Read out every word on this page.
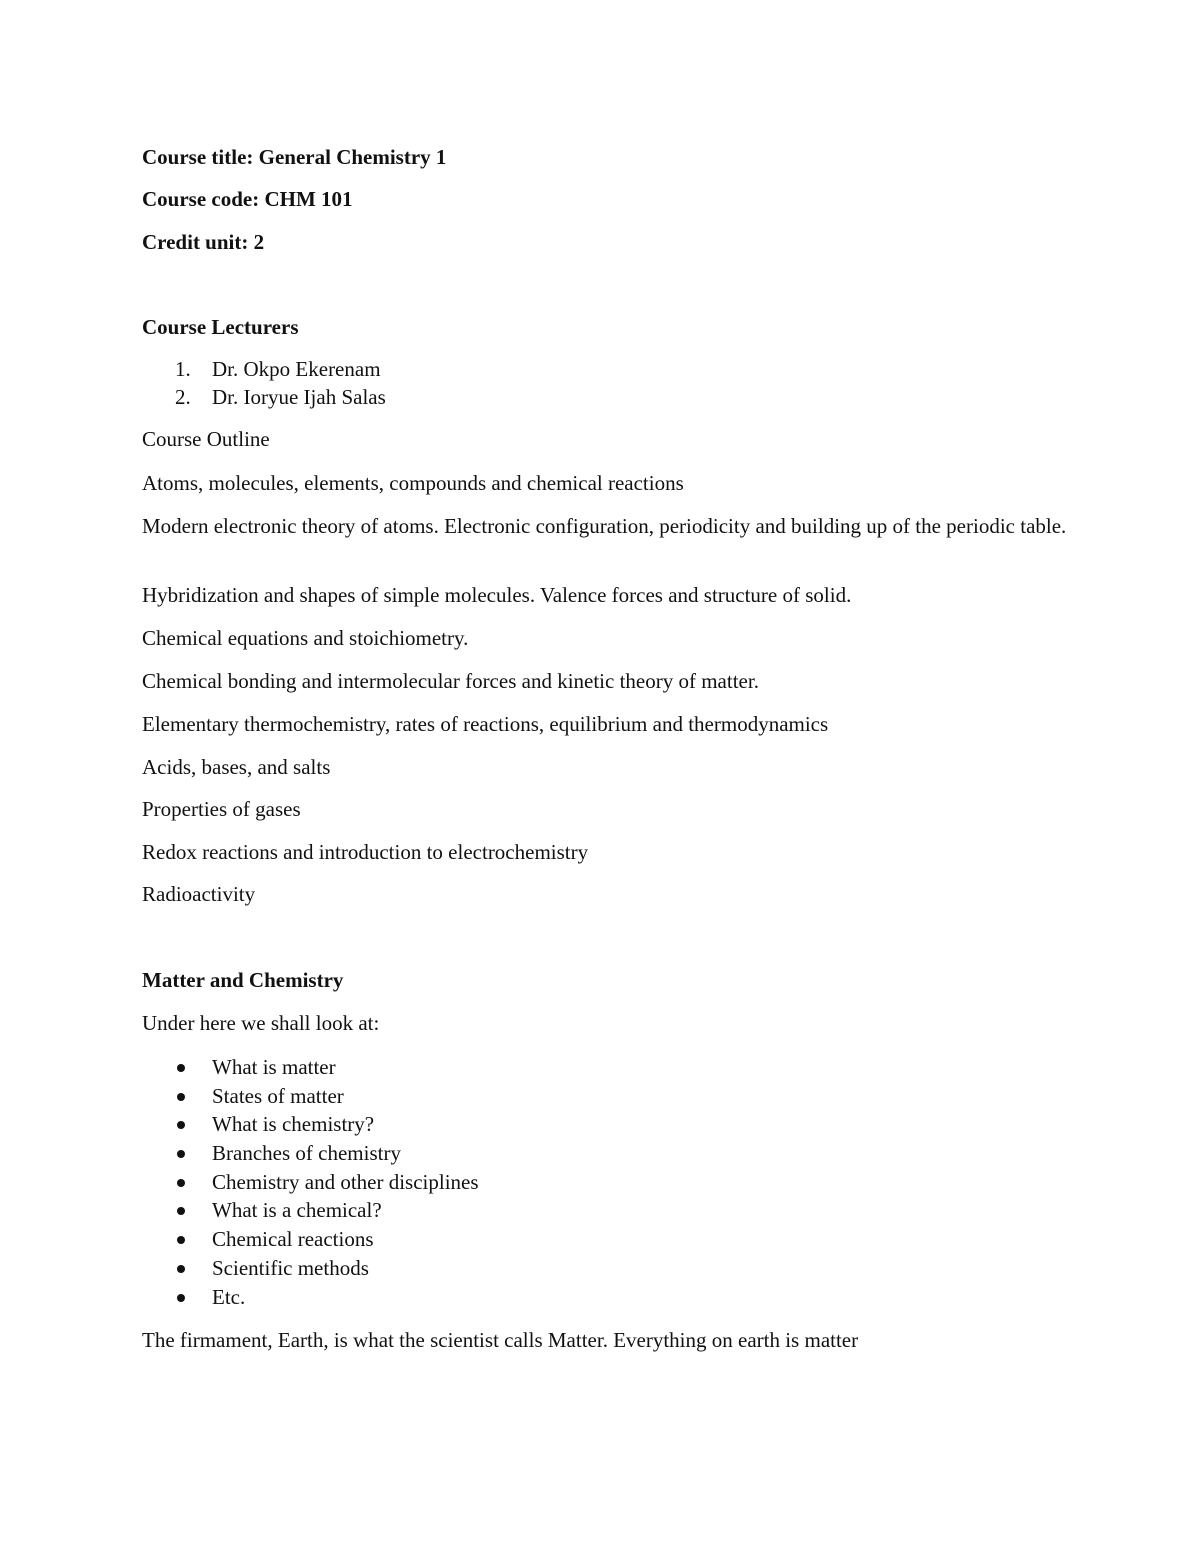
Course title: General Chemistry 1
Course code: CHM 101
Credit unit: 2
Course Lecturers
1. Dr. Okpo Ekerenam
2. Dr. Ioryue Ijah Salas
Course Outline
Atoms, molecules, elements, compounds and chemical reactions
Modern electronic theory of atoms. Electronic configuration, periodicity and building up of the periodic table.
Hybridization and shapes of simple molecules. Valence forces and structure of solid.
Chemical equations and stoichiometry.
Chemical bonding and intermolecular forces and kinetic theory of matter.
Elementary thermochemistry, rates of reactions, equilibrium and thermodynamics
Acids, bases, and salts
Properties of gases
Redox reactions and introduction to electrochemistry
Radioactivity
Matter and Chemistry
Under here we shall look at:
What is matter
States of matter
What is chemistry?
Branches of chemistry
Chemistry and other disciplines
What is a chemical?
Chemical reactions
Scientific methods
Etc.
The firmament, Earth, is what the scientist calls Matter. Everything on earth is matter
